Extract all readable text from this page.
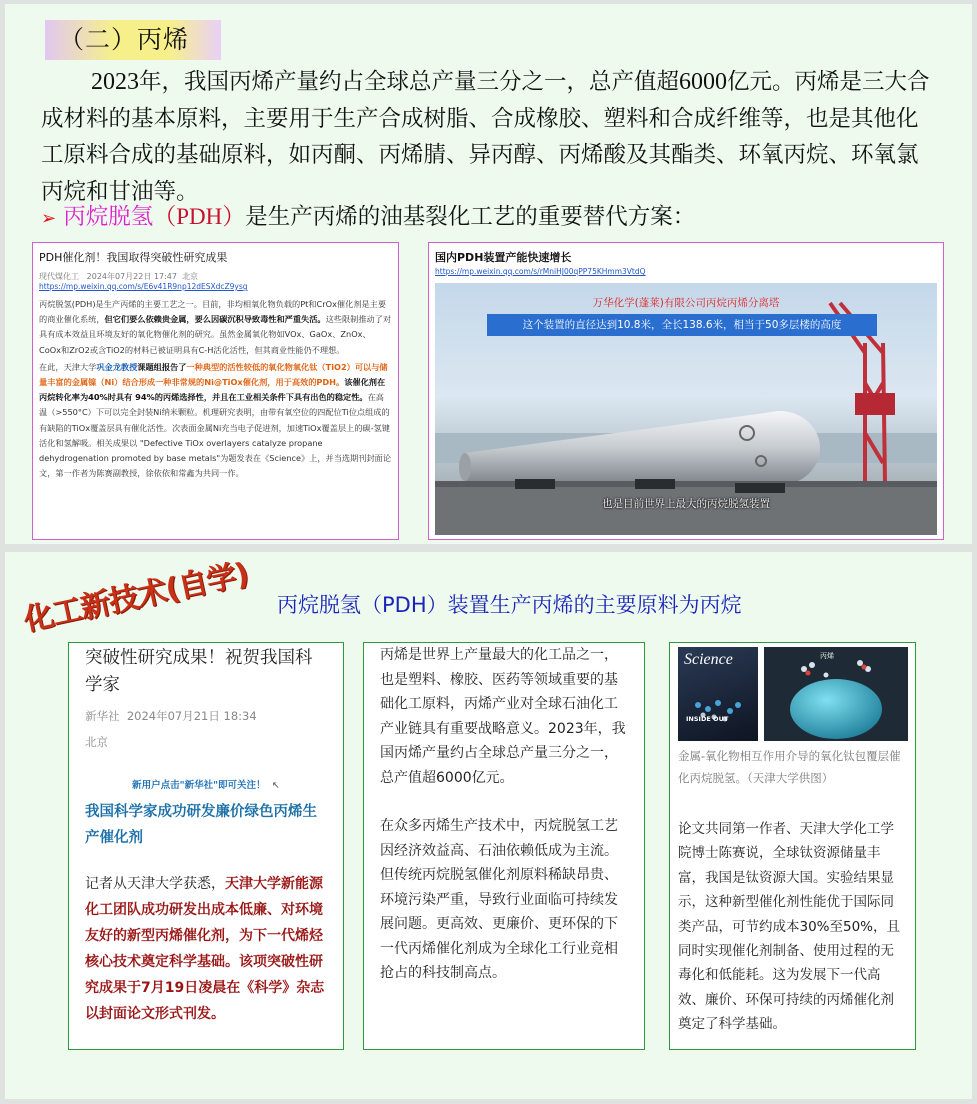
（二）丙烯
2023年，我国丙烯产量约占全球总产量三分之一，总产值超6000亿元。丙烯是三大合成材料的基本原料，主要用于生产合成树脂、合成橡胶、塑料和合成纤维等，也是其他化工原料合成的基础原料，如丙酮、丙烯腈、异丙醇、丙烯酸及其酯类、环氧丙烷、环氧氯丙烷和甘油等。
➢ 丙烷脱氢（PDH）是生产丙烯的油基裂化工艺的重要替代方案：
PDH催化剂！我国取得突破性研究成果
现代煤化工 2024年07月22日 17:47 北京
https://mp.weixin.qq.com/s/E6v41R9np12dESXdcZ9ysg

丙烷脱氢(PDH)是生产丙烯的主要工艺之一。目前，非均相氧化物负载的Pt和CrOx催化剂是主要的商业催化系统，但它们要么依赖贵金属，要么因碳沉积导致毒性和严重失活。这些限制推动了对具有成本效益且环境友好的氧化物催化剂的研究。虽然金属氧化物如VOx、GaOx、ZnOx、CoOx和ZrO2或含TiO2的材料已被证明具有C-H活化活性，但其商业性能仍不理想。

在此，天津大学巩金龙教授课题组报告了一种典型的活性较低的氧化物氧化钛（TiO2）可以与储量丰富的金属镍（Ni）结合形成一种非常规的Ni@TiOx催化剂，用于高效的PDH。该催化剂在丙烷转化率为40%时具有 94%的丙烯选择性，并且在工业相关条件下具有出色的稳定性。在高温（>550°C）下可以完全封装Ni纳米颗粒。机理研究表明，由带有氧空位的四配位Ti位点组成的有缺陷的TiOx覆盖层具有催化活性。次表面金属Ni充当电子促进剂，加速TiOx覆盖层上的碳-氢键活化和氢解吸。相关成果以 "Defective TiOx overlayers catalyze propane dehydrogenation promoted by base metals"为题发表在《Science》上，并当选期刊封面论文，第一作者为陈赛副教授，徐依依和常鑫为共同一作。

国内PDH装置产能快速增长
https://mp.weixin.qq.com/s/rMniHJ00qPP75KHmm3VtdQ
万华化学(蓬莱)有限公司丙烷丙烯分离塔
这个装置的直径达到10.8米，全长138.6米，相当于50多层楼的高度
也是目前世界上最大的丙烷脱氢装置
化工新技术(自学) 丙烷脱氢（PDH）装置生产丙烯的主要原料为丙烷
突破性研究成果！祝贺我国科学家
新华社 2024年07月21日 18:34
北京
新用户点击"新华社"即可关注！  ↖
我国科学家成功研发廉价绿色丙烯生产催化剂
记者从天津大学获悉，天津大学新能源化工团队成功研发出成本低廉、对环境友好的新型丙烯催化剂，为下一代烯烃核心技术奠定科学基础。该项突破性研究成果于7月19日凌晨在《科学》杂志以封面论文形式刊发。

丙烯是世界上产量最大的化工品之一，也是塑料、橡胶、医药等领域重要的基础化工原料，丙烯产业对全球石油化工产业链具有重要战略意义。2023年，我国丙烯产量约占全球总产量三分之一，总产值超6000亿元。

在众多丙烯生产技术中，丙烷脱氢工艺因经济效益高、石油依赖低成为主流。但传统丙烷脱氢催化剂原料稀缺昂贵、环境污染严重，导致行业面临可持续发展问题。更高效、更廉价、更环保的下一代丙烯催化剂成为全球化工行业竞相抢占的科技制高点。

Science
INSIDE OUT
丙烯
金属-氧化物相互作用介导的氧化钛包覆层催化丙烷脱氢。（天津大学供图）
论文共同第一作者、天津大学化工学院博士陈赛说，全球钛资源储量丰富，我国是钛资源大国。实验结果显示，这种新型催化剂性能优于国际同类产品，可节约成本30%至50%，且同时实现催化剂制备、使用过程的无毒化和低能耗。这为发展下一代高效、廉价、环保可持续的丙烯催化剂奠定了科学基础。
